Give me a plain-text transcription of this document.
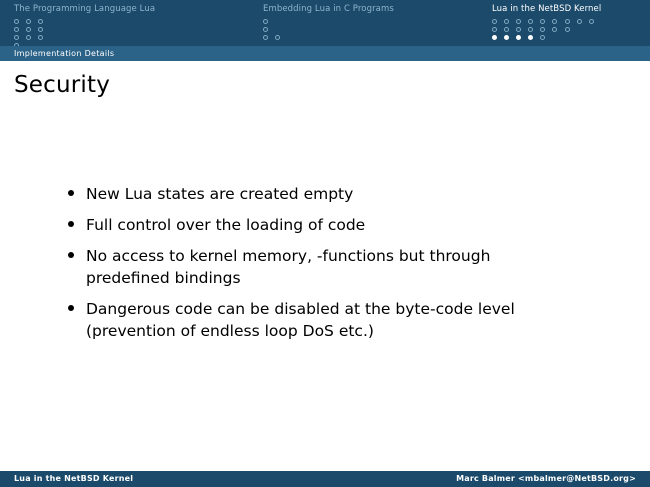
The Programming Language Lua

	Embedding Lua in C Programs
	Lua in the NetBSD Kernel

Implementation Details
Security
New Lua states are created empty
Full control over the loading of code
No access to kernel memory, -functions but through
predefined bindings
Dangerous code can be disabled at the byte-code level
(prevention of endless loop DoS etc.)
Lua in the NetBSD Kernel	Marc Balmer <mbalmer@NetBSD.org>
